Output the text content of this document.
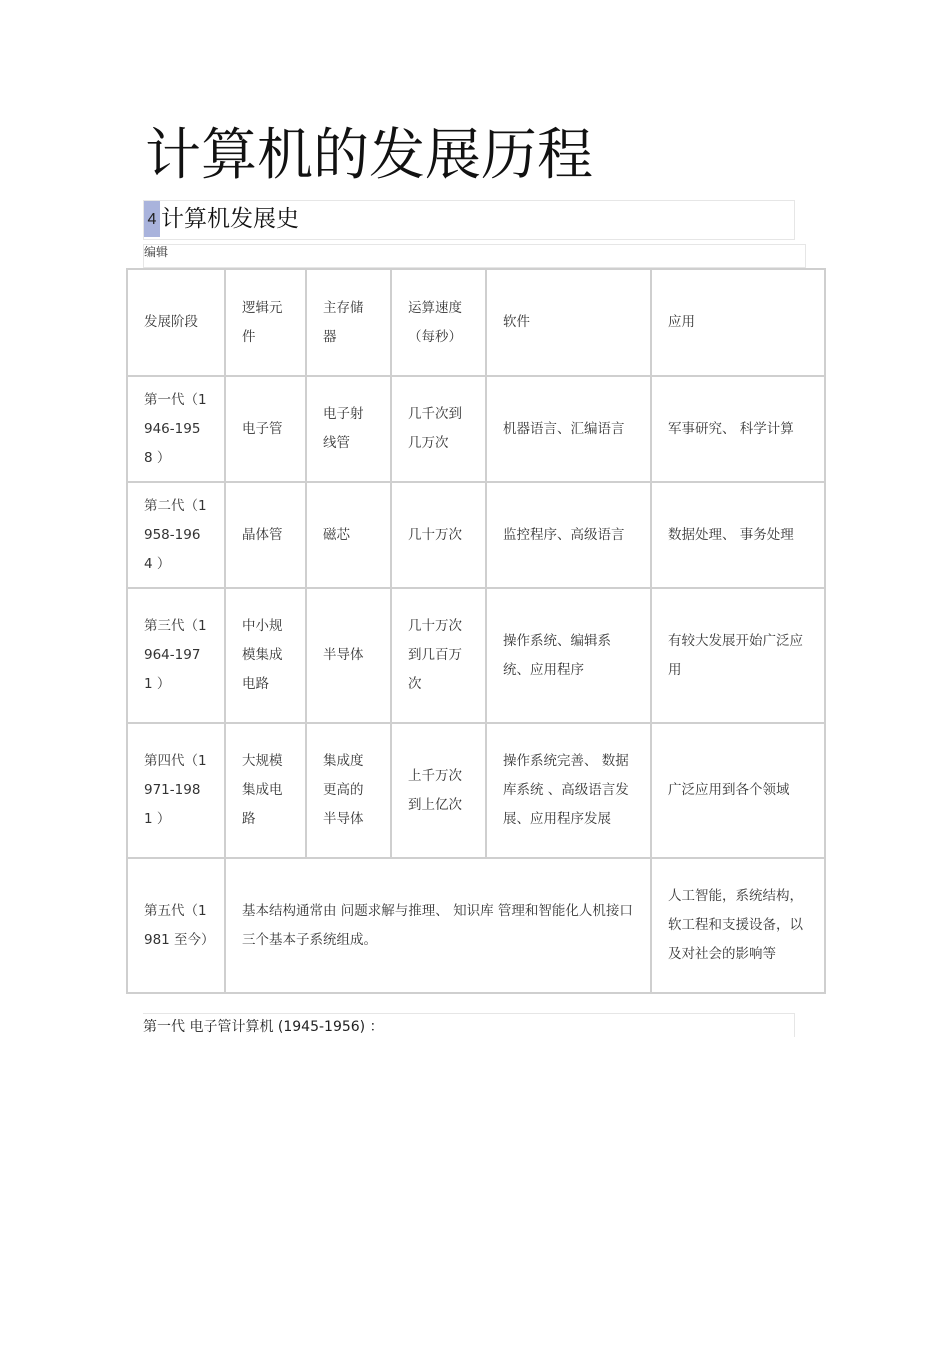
计算机的发展历程
4 计算机发展史
编辑
发展阶段	逻辑元件	主存储器	运算速度（每秒）	软件	应用
第一代（1946-1958 ）	电子管	电子射线管	几千次到几万次	机器语言、汇编语言	军事研究、 科学计算
第二代（1958-1964 ）	晶体管	磁芯	几十万次	监控程序、高级语言	数据处理、 事务处理
第三代（1964-1971 ）	中小规模集成电路	半导体	几十万次到几百万次	操作系统、编辑系统、应用程序	有较大发展开始广泛应用
第四代（1971-1981 ）	大规模集成电路	集成度更高的半导体	上千万次到上亿次	操作系统完善、 数据库系统 、高级语言发展、应用程序发展	广泛应用到各个领域
第五代（1981 至今）	基本结构通常由 问题求解与推理、 知识库 管理和智能化人机接口三个基本子系统组成。				人工智能，系统结构，软工程和支援设备，以及对社会的影响等
第一代 电子管计算机 (1945-1956) ：
